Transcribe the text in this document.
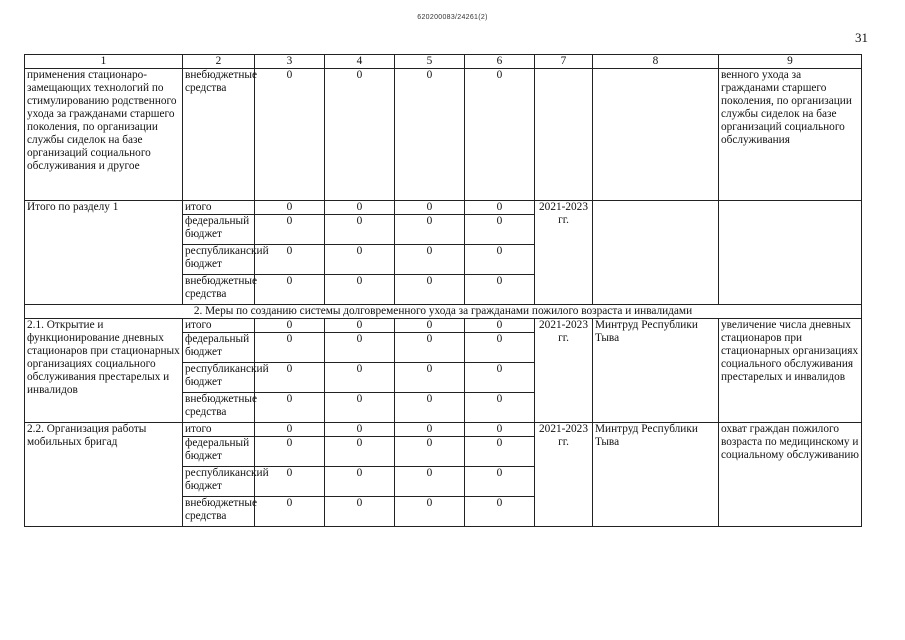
620200083/24261(2)
31
1	2	3	4	5	6	7	8	9
применения стационаро-замещающих технологий по стимулированию родственного ухода за гражданами старшего поколения, по организации службы сиделок на базе организаций социального обслуживания и другое	внебюджетные средства	0	0	0	0			венного ухода за гражданами старшего поколения, по организации службы сиделок на базе организаций социального обслуживания
Итого по разделу 1	итого	0	0	0	0	2021-2023 гг.		
	федеральный бюджет	0	0	0	0			
	республиканский бюджет	0	0	0	0			
	внебюджетные средства	0	0	0	0			
2. Меры по созданию системы долговременного ухода за гражданами пожилого возраста и инвалидами								
2.1. Открытие и функционирование дневных стационаров при стационарных организациях социального обслуживания престарелых и инвалидов	итого	0	0	0	0	2021-2023 гг.	Минтруд Республики Тыва	увеличение числа дневных стационаров при стационарных организациях социального обслуживания престарелых и инвалидов
	федеральный бюджет	0	0	0	0			
	республиканский бюджет	0	0	0	0			
	внебюджетные средства	0	0	0	0			
2.2. Организация работы мобильных бригад	итого	0	0	0	0	2021-2023 гг.	Минтруд Республики Тыва	охват граждан пожилого возраста по медицинскому и социальному обслуживанию
	федеральный бюджет	0	0	0	0			
	республиканский бюджет	0	0	0	0			
	внебюджетные средства	0	0	0	0			
